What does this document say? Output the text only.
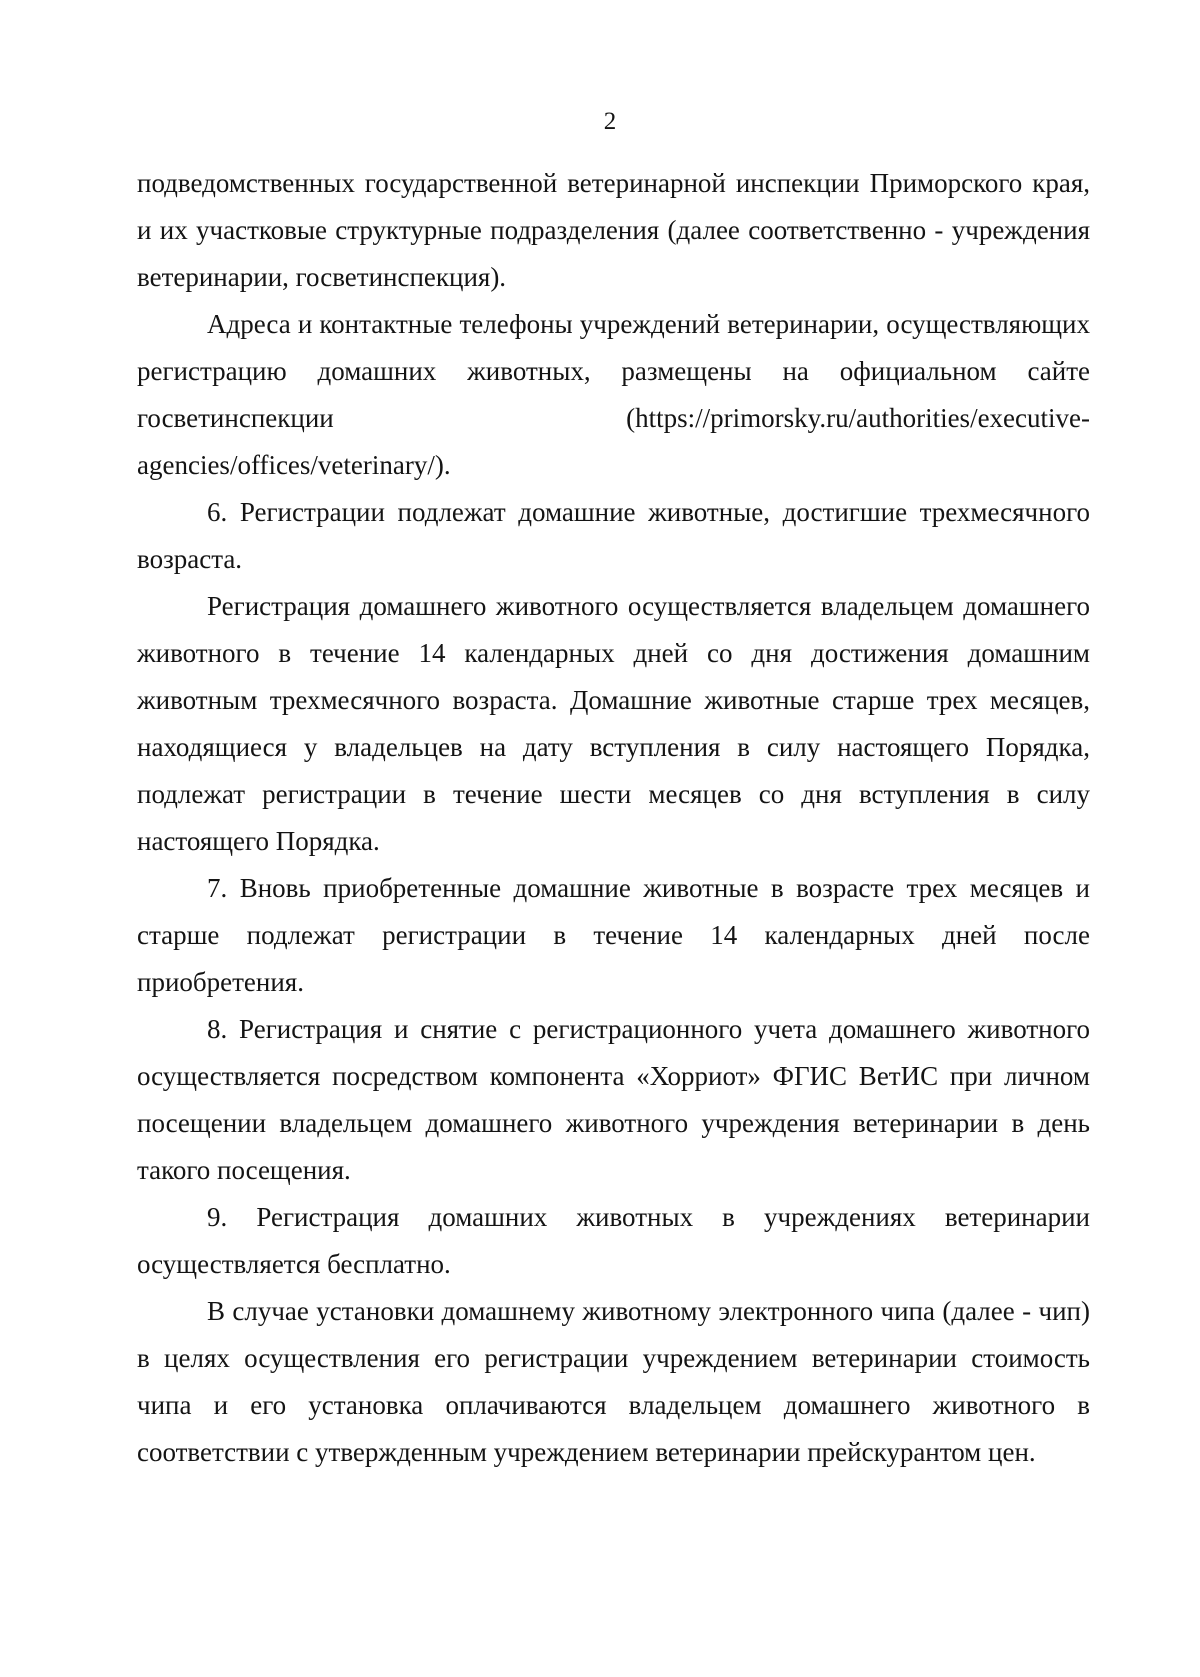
2

подведомственных государственной ветеринарной инспекции Приморского края, и их участковые структурные подразделения (далее соответственно - учреждения ветеринарии, госветинспекция).

Адреса и контактные телефоны учреждений ветеринарии, осуществляющих регистрацию домашних животных, размещены на официальном сайте госветинспекции (https://primorsky.ru/authorities/executive-agencies/offices/veterinary/).

6. Регистрации подлежат домашние животные, достигшие трехмесячного возраста.

Регистрация домашнего животного осуществляется владельцем домашнего животного в течение 14 календарных дней со дня достижения домашним животным трехмесячного возраста. Домашние животные старше трех месяцев, находящиеся у владельцев на дату вступления в силу настоящего Порядка, подлежат регистрации в течение шести месяцев со дня вступления в силу настоящего Порядка.

7. Вновь приобретенные домашние животные в возрасте трех месяцев и старше подлежат регистрации в течение 14 календарных дней после приобретения.

8. Регистрация и снятие с регистрационного учета домашнего животного осуществляется посредством компонента «Хорриот» ФГИС ВетИС при личном посещении владельцем домашнего животного учреждения ветеринарии в день такого посещения.

9. Регистрация домашних животных в учреждениях ветеринарии осуществляется бесплатно.

В случае установки домашнему животному электронного чипа (далее - чип) в целях осуществления его регистрации учреждением ветеринарии стоимость чипа и его установка оплачиваются владельцем домашнего животного в соответствии с утвержденным учреждением ветеринарии прейскурантом цен.
